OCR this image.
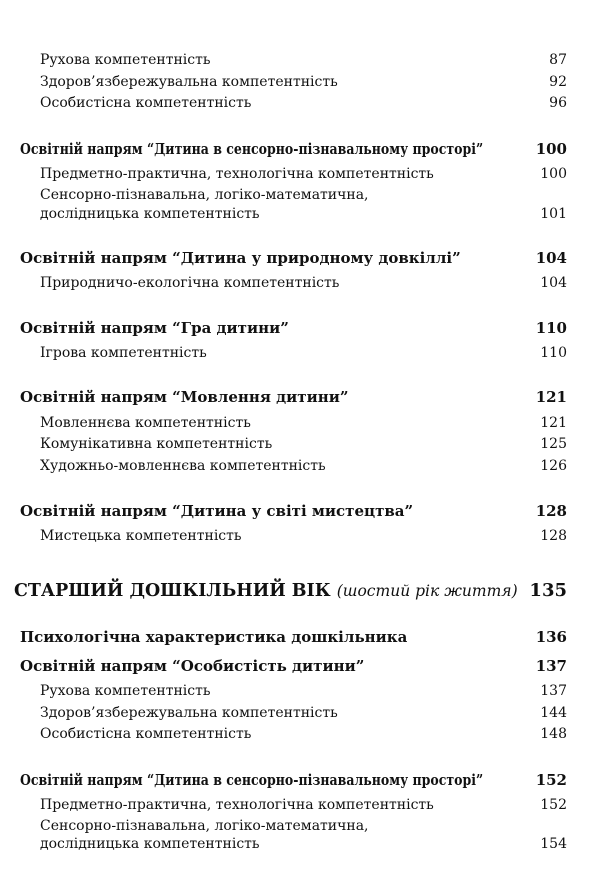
Рухова компетентність	87
Здоров’язбережувальна компетентність	92
Особистісна компетентність	96
Освітній напрям “Дитина в сенсорно-пізнавальному просторі”	100
Предметно-практична, технологічна компетентність	100
Сенсорно-пізнавальна, логіко-математична,
дослідницька компетентність	101
Освітній напрям “Дитина у природному довкіллі”	104
Природничо-екологічна компетентність	104
Освітній напрям “Гра дитини”	110
Ігрова компетентність	110
Освітній напрям “Мовлення дитини”	121
Мовленнєва компетентність	121
Комунікативна компетентність	125
Художньо-мовленнєва компетентність	126
Освітній напрям “Дитина у світі мистецтва”	128
Мистецька компетентність	128
СТАРШИЙ ДОШКІЛЬНИЙ ВІК (шостий рік життя) 135
Психологічна характеристика дошкільника	136
Освітній напрям “Особистість дитини”	137
Рухова компетентність	137
Здоров’язбережувальна компетентність	144
Особистісна компетентність	148
Освітній напрям “Дитина в сенсорно-пізнавальному просторі”	152
Предметно-практична, технологічна компетентність	152
Сенсорно-пізнавальна, логіко-математична,
дослідницька компетентність	154
